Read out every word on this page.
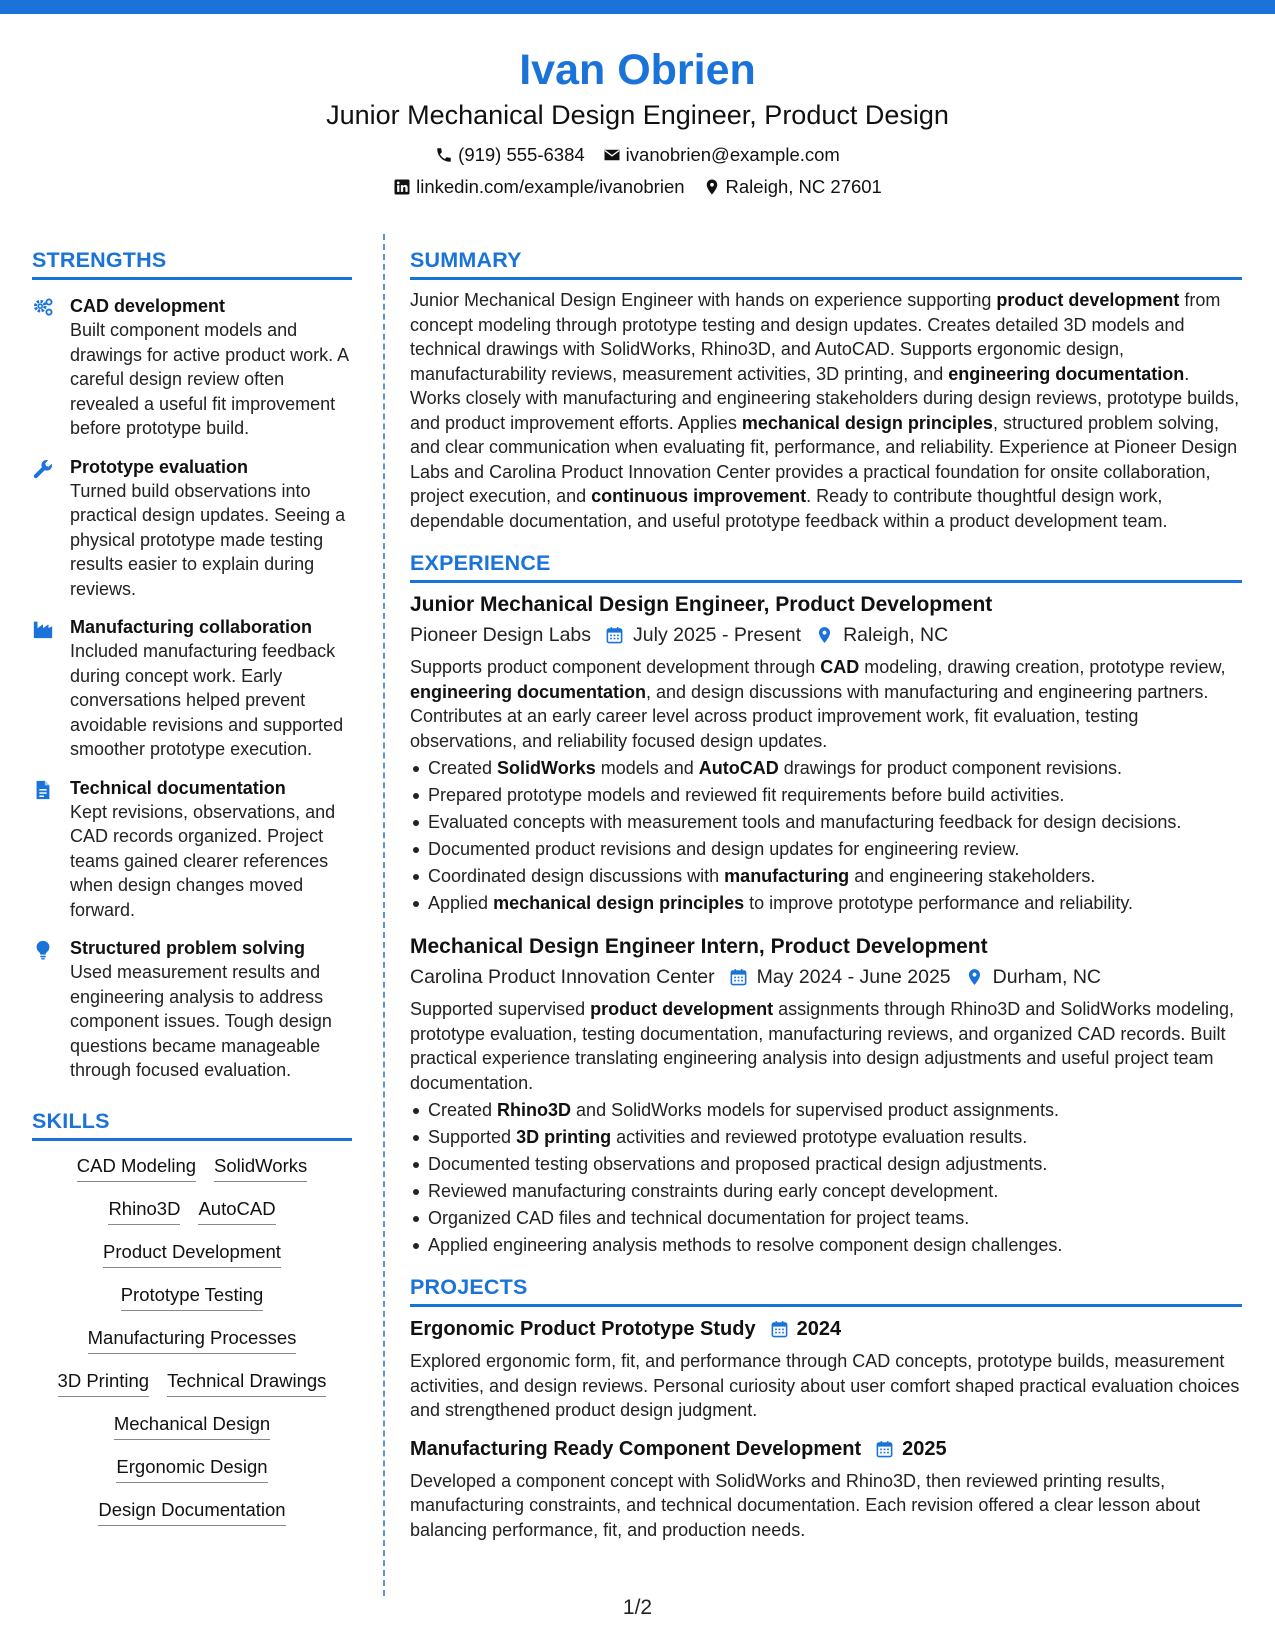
Ivan Obrien
Junior Mechanical Design Engineer, Product Design
(919) 555-6384 ivanobrien@example.com
linkedin.com/example/ivanobrien Raleigh, NC 27601
STRENGTHS
CAD development
Built component models and drawings for active product work. A careful design review often revealed a useful fit improvement before prototype build.
Prototype evaluation
Turned build observations into practical design updates. Seeing a physical prototype made testing results easier to explain during reviews.
Manufacturing collaboration
Included manufacturing feedback during concept work. Early conversations helped prevent avoidable revisions and supported smoother prototype execution.
Technical documentation
Kept revisions, observations, and CAD records organized. Project teams gained clearer references when design changes moved forward.
Structured problem solving
Used measurement results and engineering analysis to address component issues. Tough design questions became manageable through focused evaluation.
SKILLS
CAD Modeling SolidWorks
Rhino3D AutoCAD
Product Development
Prototype Testing
Manufacturing Processes
3D Printing Technical Drawings
Mechanical Design
Ergonomic Design
Design Documentation
SUMMARY
Junior Mechanical Design Engineer with hands on experience supporting product development from concept modeling through prototype testing and design updates. Creates detailed 3D models and technical drawings with SolidWorks, Rhino3D, and AutoCAD. Supports ergonomic design, manufacturability reviews, measurement activities, 3D printing, and engineering documentation. Works closely with manufacturing and engineering stakeholders during design reviews, prototype builds, and product improvement efforts. Applies mechanical design principles, structured problem solving, and clear communication when evaluating fit, performance, and reliability. Experience at Pioneer Design Labs and Carolina Product Innovation Center provides a practical foundation for onsite collaboration, project execution, and continuous improvement. Ready to contribute thoughtful design work, dependable documentation, and useful prototype feedback within a product development team.
EXPERIENCE
Junior Mechanical Design Engineer, Product Development
Pioneer Design Labs July 2025 - Present Raleigh, NC
Supports product component development through CAD modeling, drawing creation, prototype review, engineering documentation, and design discussions with manufacturing and engineering partners. Contributes at an early career level across product improvement work, fit evaluation, testing observations, and reliability focused design updates.
Created SolidWorks models and AutoCAD drawings for product component revisions.
Prepared prototype models and reviewed fit requirements before build activities.
Evaluated concepts with measurement tools and manufacturing feedback for design decisions.
Documented product revisions and design updates for engineering review.
Coordinated design discussions with manufacturing and engineering stakeholders.
Applied mechanical design principles to improve prototype performance and reliability.
Mechanical Design Engineer Intern, Product Development
Carolina Product Innovation Center May 2024 - June 2025 Durham, NC
Supported supervised product development assignments through Rhino3D and SolidWorks modeling, prototype evaluation, testing documentation, manufacturing reviews, and organized CAD records. Built practical experience translating engineering analysis into design adjustments and useful project team documentation.
Created Rhino3D and SolidWorks models for supervised product assignments.
Supported 3D printing activities and reviewed prototype evaluation results.
Documented testing observations and proposed practical design adjustments.
Reviewed manufacturing constraints during early concept development.
Organized CAD files and technical documentation for project teams.
Applied engineering analysis methods to resolve component design challenges.
PROJECTS
Ergonomic Product Prototype Study 2024
Explored ergonomic form, fit, and performance through CAD concepts, prototype builds, measurement activities, and design reviews. Personal curiosity about user comfort shaped practical evaluation choices and strengthened product design judgment.
Manufacturing Ready Component Development 2025
Developed a component concept with SolidWorks and Rhino3D, then reviewed printing results, manufacturing constraints, and technical documentation. Each revision offered a clear lesson about balancing performance, fit, and production needs.
1/2
